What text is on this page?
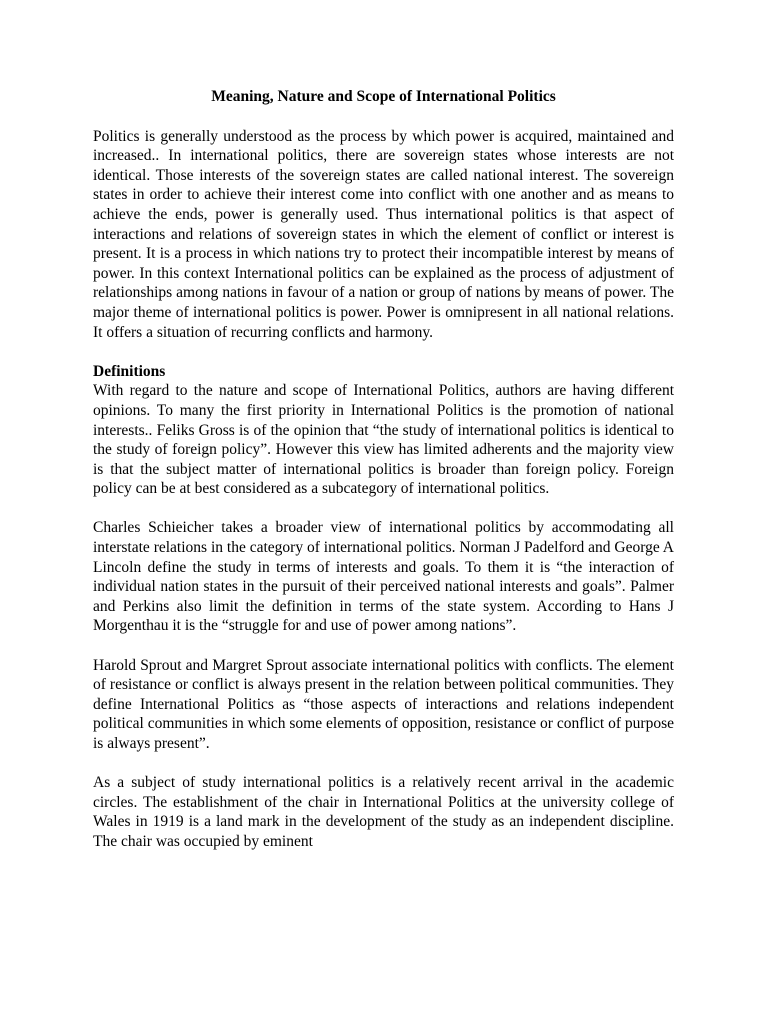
Meaning, Nature and Scope of International Politics

Politics is generally understood as the process by which power is acquired, maintained and increased.. In international politics, there are sovereign states whose interests are not identical. Those interests of the sovereign states are called national interest. The sovereign states in order to achieve their interest come into conflict with one another and as means to achieve the ends, power is generally used. Thus international politics is that aspect of interactions and relations of sovereign states in which the element of conflict or interest is present. It is a process in which nations try to protect their incompatible interest by means of power. In this context International politics can be explained as the process of adjustment of relationships among nations in favour of a nation or group of nations by means of power. The major theme of international politics is power. Power is omnipresent in all national relations. It offers a situation of recurring conflicts and harmony.

Definitions

With regard to the nature and scope of International Politics, authors are having different opinions. To many the first priority in International Politics is the promotion of national interests.. Feliks Gross is of the opinion that “the study of international politics is identical to the study of foreign policy”. However this view has limited adherents and the majority view is that the subject matter of international politics is broader than foreign policy. Foreign policy can be at best considered as a subcategory of international politics.

Charles Schieicher takes a broader view of international politics by accommodating all interstate relations in the category of international politics. Norman J Padelford and George A Lincoln define the study in terms of interests and goals. To them it is “the interaction of individual nation states in the pursuit of their perceived national interests and goals”. Palmer and Perkins also limit the definition in terms of the state system. According to Hans J Morgenthau it is the “struggle for and use of power among nations”.

Harold Sprout and Margret Sprout associate international politics with conflicts. The element of resistance or conflict is always present in the relation between political communities. They define International Politics as “those aspects of interactions and relations independent political communities in which some elements of opposition, resistance or conflict of purpose is always present”.

As a subject of study international politics is a relatively recent arrival in the academic circles. The establishment of the chair in International Politics at the university college of Wales in 1919 is a land mark in the development of the study as an independent discipline. The chair was occupied by eminent
